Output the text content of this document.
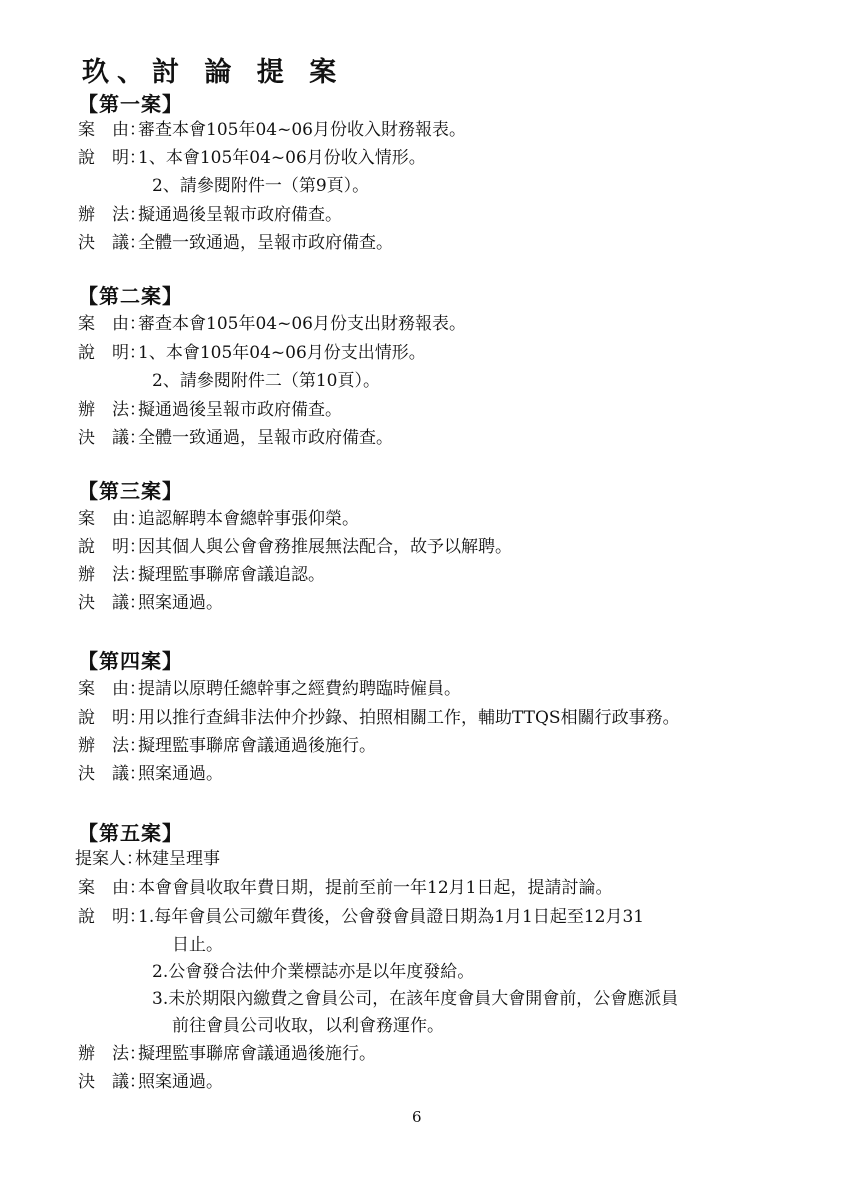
玖、討 論 提 案
【第一案】
案　由：審查本會105年04~06月份收入財務報表。
說　明：1、本會105年04~06月份收入情形。
2、請參閱附件一（第9頁）。
辦　法：擬通過後呈報市政府備查。
決　議：全體一致通過，呈報市政府備查。
【第二案】
案　由：審查本會105年04~06月份支出財務報表。
說　明：1、本會105年04~06月份支出情形。
2、請參閱附件二（第10頁）。
辦　法：擬通過後呈報市政府備查。
決　議：全體一致通過，呈報市政府備查。
【第三案】
案　由：追認解聘本會總幹事張仰榮。
說　明：因其個人與公會會務推展無法配合，故予以解聘。
辦　法：擬理監事聯席會議追認。
決　議：照案通過。
【第四案】
案　由：提請以原聘任總幹事之經費約聘臨時僱員。
說　明：用以推行查緝非法仲介抄錄、拍照相關工作，輔助TTQS相關行政事務。
辦　法：擬理監事聯席會議通過後施行。
決　議：照案通過。
【第五案】
提案人：林建呈理事
案　由：本會會員收取年費日期，提前至前一年12月1日起，提請討論。
說　明：1.每年會員公司繳年費後，公會發會員證日期為1月1日起至12月31
日止。
2.公會發合法仲介業標誌亦是以年度發給。
3.未於期限內繳費之會員公司，在該年度會員大會開會前，公會應派員
前往會員公司收取，以利會務運作。
辦　法：擬理監事聯席會議通過後施行。
決　議：照案通過。
6
